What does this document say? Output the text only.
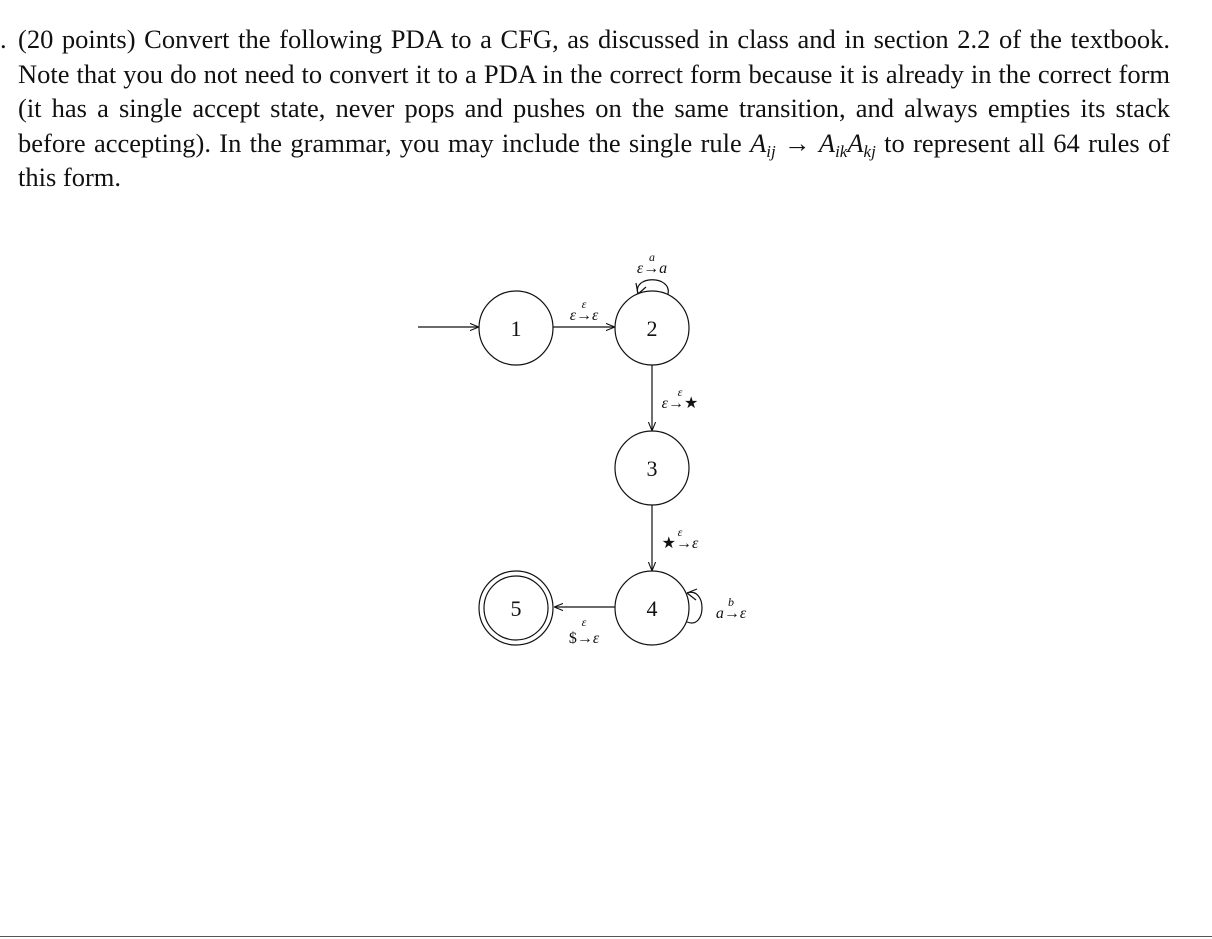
. (20 points) Convert the following PDA to a CFG, as discussed in class and in section 2.2 of the textbook. Note that you do not need to convert it to a PDA in the correct form because it is already in the correct form (it has a single accept state, never pops and pushes on the same transition, and always empties its stack before accepting). In the grammar, you may include the single rule $A_{ij} \to A_{ik}A_{kj}$ to represent all 64 rules of this form.
1	2
3
4
5
ε
ε→ε
a
ε→a
ε
ε→★
ε
★→ε
b
a→ε
ε
$→ε
